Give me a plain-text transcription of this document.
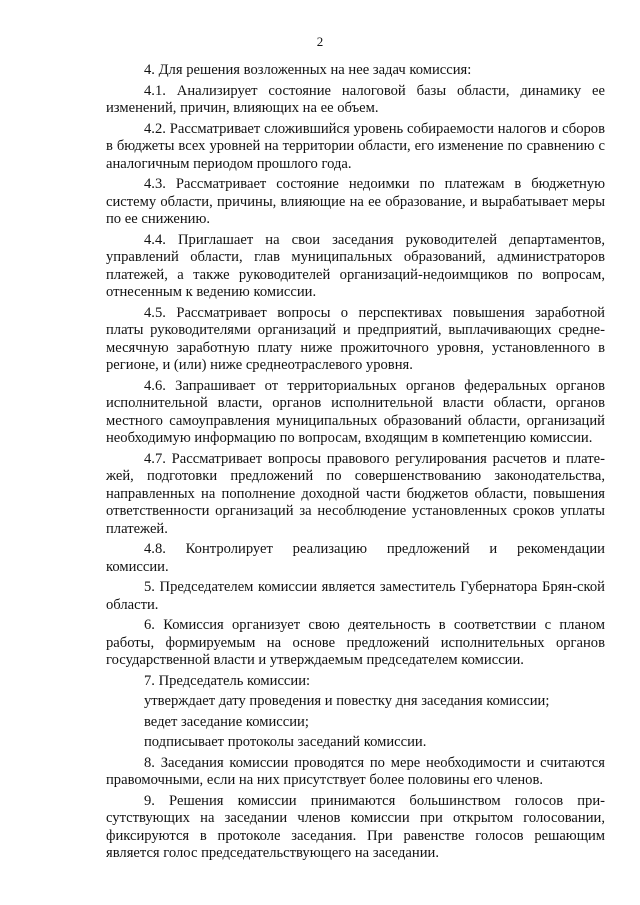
2

4. Для решения возложенных на нее задач комиссия:

4.1. Анализирует состояние налоговой базы области, динамику ее изменений, причин, влияющих на ее объем.

4.2. Рассматривает сложившийся уровень собираемости налогов и сборов в бюджеты всех уровней на территории области, его изменение по сравнению с аналогичным периодом прошлого года.

4.3. Рассматривает состояние недоимки по платежам в бюджетную систему области, причины, влияющие на ее образование, и вырабатывает меры по ее снижению.

4.4. Приглашает на свои заседания руководителей департаментов, управлений области, глав муниципальных образований, администраторов платежей, а также руководителей организаций-недоимщиков по вопросам, отнесенным к ведению комиссии.

4.5. Рассматривает вопросы о перспективах повышения заработной платы руководителями организаций и предприятий, выплачивающих средне-месячную заработную плату ниже прожиточного уровня, установленного в регионе, и (или) ниже среднеотраслевого уровня.

4.6. Запрашивает от территориальных органов федеральных органов исполнительной власти, органов исполнительной власти области, органов местного самоуправления муниципальных образований области, организаций необходимую информацию по вопросам, входящим в компетенцию комиссии.

4.7. Рассматривает вопросы правового регулирования расчетов и плате-жей, подготовки предложений по совершенствованию законодательства, направленных на пополнение доходной части бюджетов области, повышения ответственности организаций за несоблюдение установленных сроков уплаты платежей.

4.8. Контролирует реализацию предложений и рекомендации комиссии.

5. Председателем комиссии является заместитель Губернатора Брян-ской области.

6. Комиссия организует свою деятельность в соответствии с планом работы, формируемым на основе предложений исполнительных органов государственной власти и утверждаемым председателем комиссии.

7. Председатель комиссии:

утверждает дату проведения и повестку дня заседания комиссии;

ведет заседание комиссии;

подписывает протоколы заседаний комиссии.

8. Заседания комиссии проводятся по мере необходимости и считаются правомочными, если на них присутствует более половины его членов.

9. Решения комиссии принимаются большинством голосов при-сутствующих на заседании членов комиссии при открытом голосовании, фиксируются в протоколе заседания. При равенстве голосов решающим является голос председательствующего на заседании.
